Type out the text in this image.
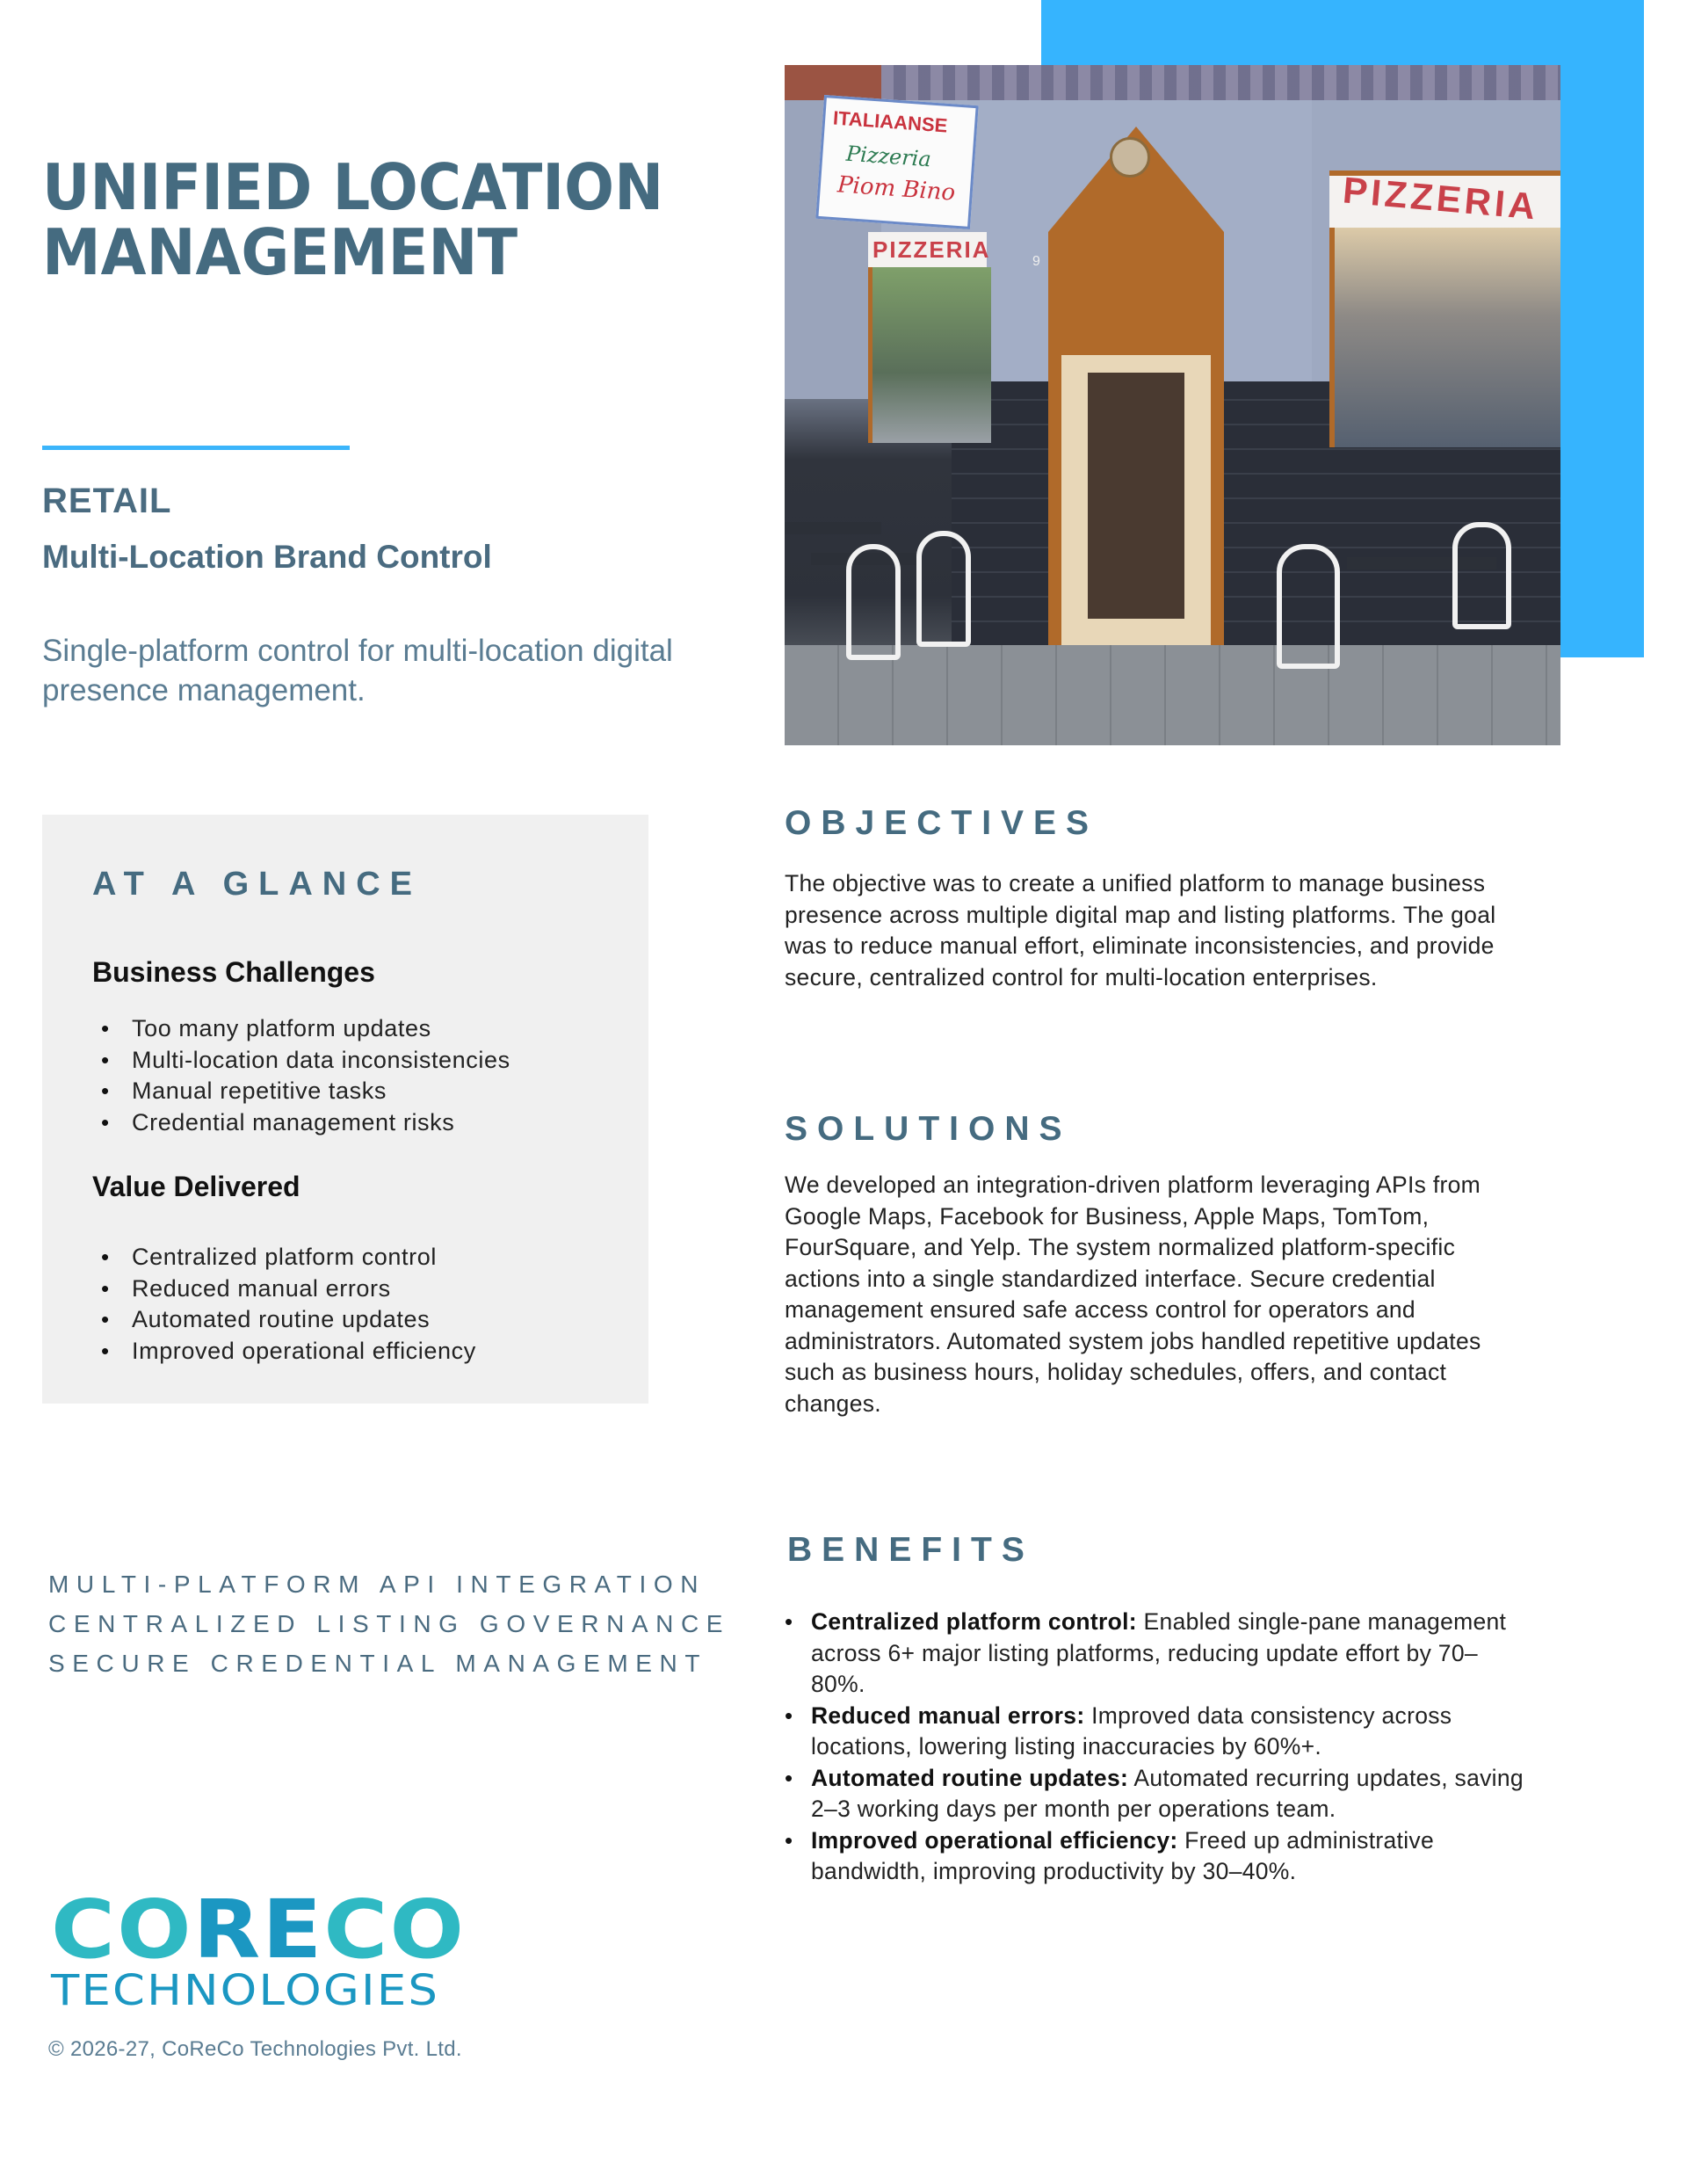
ITALIAANSE
Pizzeria
Piom Bino	PIZZERIA
PIZZERIA	9
UNIFIED LOCATION
MANAGEMENT
RETAIL
Multi-Location Brand Control
Single-platform control for multi-location digital presence management.
AT A GLANCE
Business Challenges
• Too many platform updates
• Multi-location data inconsistencies
• Manual repetitive tasks
• Credential management risks
Value Delivered
• Centralized platform control
• Reduced manual errors
• Automated routine updates
• Improved operational efficiency
MULTI-PLATFORM API INTEGRATION
CENTRALIZED LISTING GOVERNANCE
SECURE CREDENTIAL MANAGEMENT
CORECO
TECHNOLOGIES
© 2026-27, CoReCo Technologies Pvt. Ltd.
OBJECTIVES
The objective was to create a unified platform to manage business presence across multiple digital map and listing platforms. The goal was to reduce manual effort, eliminate inconsistencies, and provide secure, centralized control for multi-location enterprises.
SOLUTIONS
We developed an integration-driven platform leveraging APIs from Google Maps, Facebook for Business, Apple Maps, TomTom, FourSquare, and Yelp. The system normalized platform-specific actions into a single standardized interface. Secure credential management ensured safe access control for operators and administrators. Automated system jobs handled repetitive updates such as business hours, holiday schedules, offers, and contact changes.
BENEFITS
• Centralized platform control: Enabled single-pane management across 6+ major listing platforms, reducing update effort by 70–80%.
• Reduced manual errors: Improved data consistency across locations, lowering listing inaccuracies by 60%+.
• Automated routine updates: Automated recurring updates, saving 2–3 working days per month per operations team.
• Improved operational efficiency: Freed up administrative bandwidth, improving productivity by 30–40%.
